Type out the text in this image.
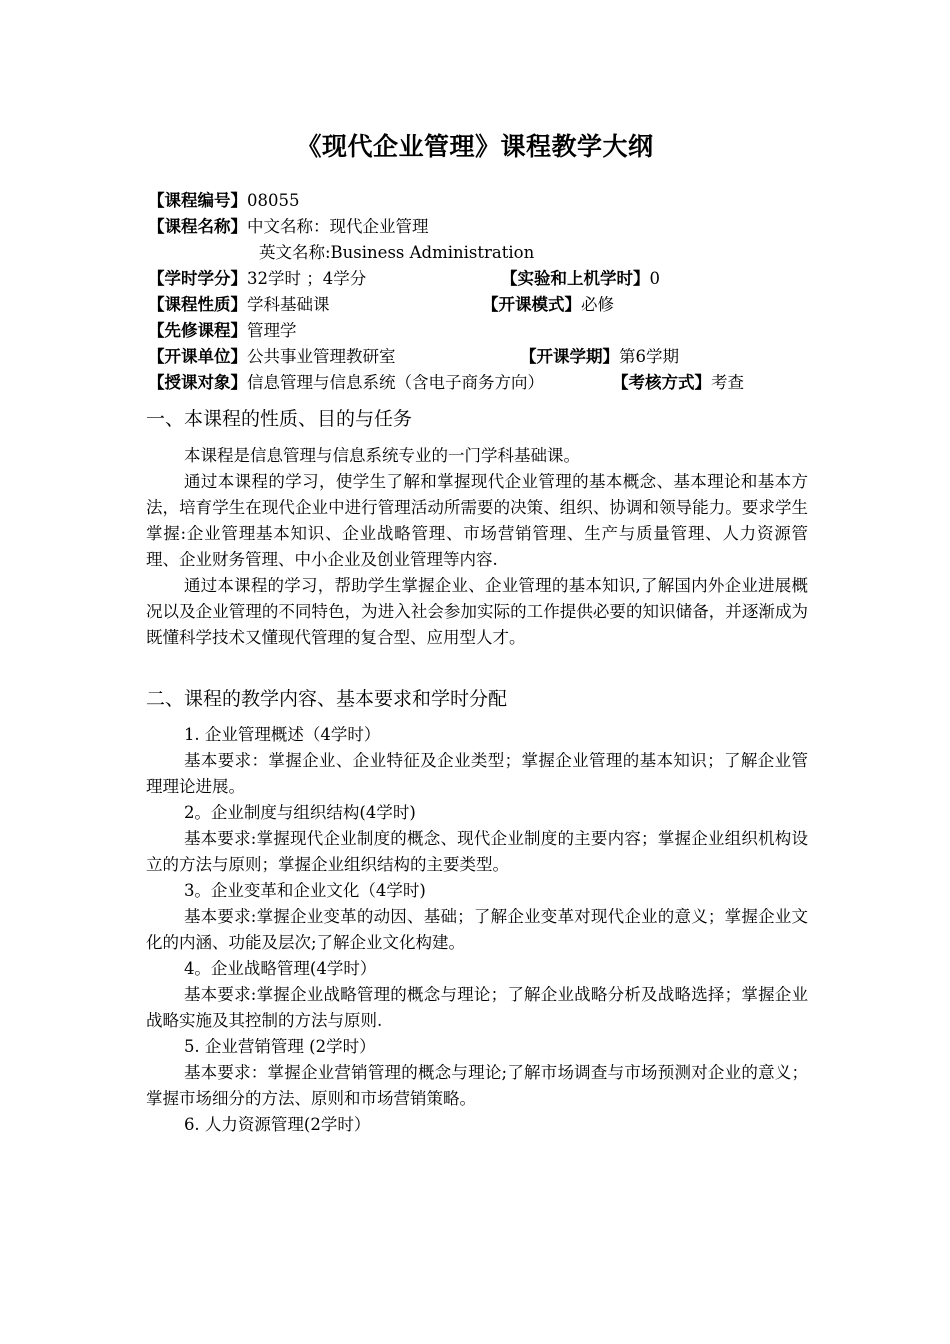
《现代企业管理》课程教学大纲
【课程编号】08055
【课程名称】中文名称：现代企业管理
英文名称:Business Administration
【学时学分】32学时 ；4学分	【实验和上机学时】0
【课程性质】学科基础课	【开课模式】必修
【先修课程】管理学
【开课单位】公共事业管理教研室	【开课学期】第6学期
【授课对象】信息管理与信息系统（含电子商务方向）	【考核方式】考查
一、本课程的性质、目的与任务

本课程是信息管理与信息系统专业的一门学科基础课。

通过本课程的学习，使学生了解和掌握现代企业管理的基本概念、基本理论和基本方法，培育学生在现代企业中进行管理活动所需要的决策、组织、协调和领导能力。要求学生掌握:企业管理基本知识、企业战略管理、市场营销管理、生产与质量管理、人力资源管理、企业财务管理、中小企业及创业管理等内容.

通过本课程的学习，帮助学生掌握企业、企业管理的基本知识,了解国内外企业进展概况以及企业管理的不同特色，为进入社会参加实际的工作提供必要的知识储备，并逐渐成为既懂科学技术又懂现代管理的复合型、应用型人才。

二、课程的教学内容、基本要求和学时分配

1. 企业管理概述（4学时）

基本要求：掌握企业、企业特征及企业类型；掌握企业管理的基本知识；了解企业管理理论进展。

2。企业制度与组织结构(4学时)

基本要求:掌握现代企业制度的概念、现代企业制度的主要内容；掌握企业组织机构设立的方法与原则；掌握企业组织结构的主要类型。

3。企业变革和企业文化（4学时)

基本要求:掌握企业变革的动因、基础；了解企业变革对现代企业的意义；掌握企业文化的内涵、功能及层次;了解企业文化构建。

4。企业战略管理(4学时）

基本要求:掌握企业战略管理的概念与理论；了解企业战略分析及战略选择；掌握企业战略实施及其控制的方法与原则.

5. 企业营销管理 (2学时）

基本要求：掌握企业营销管理的概念与理论;了解市场调查与市场预测对企业的意义；掌握市场细分的方法、原则和市场营销策略。

6. 人力资源管理(2学时）
